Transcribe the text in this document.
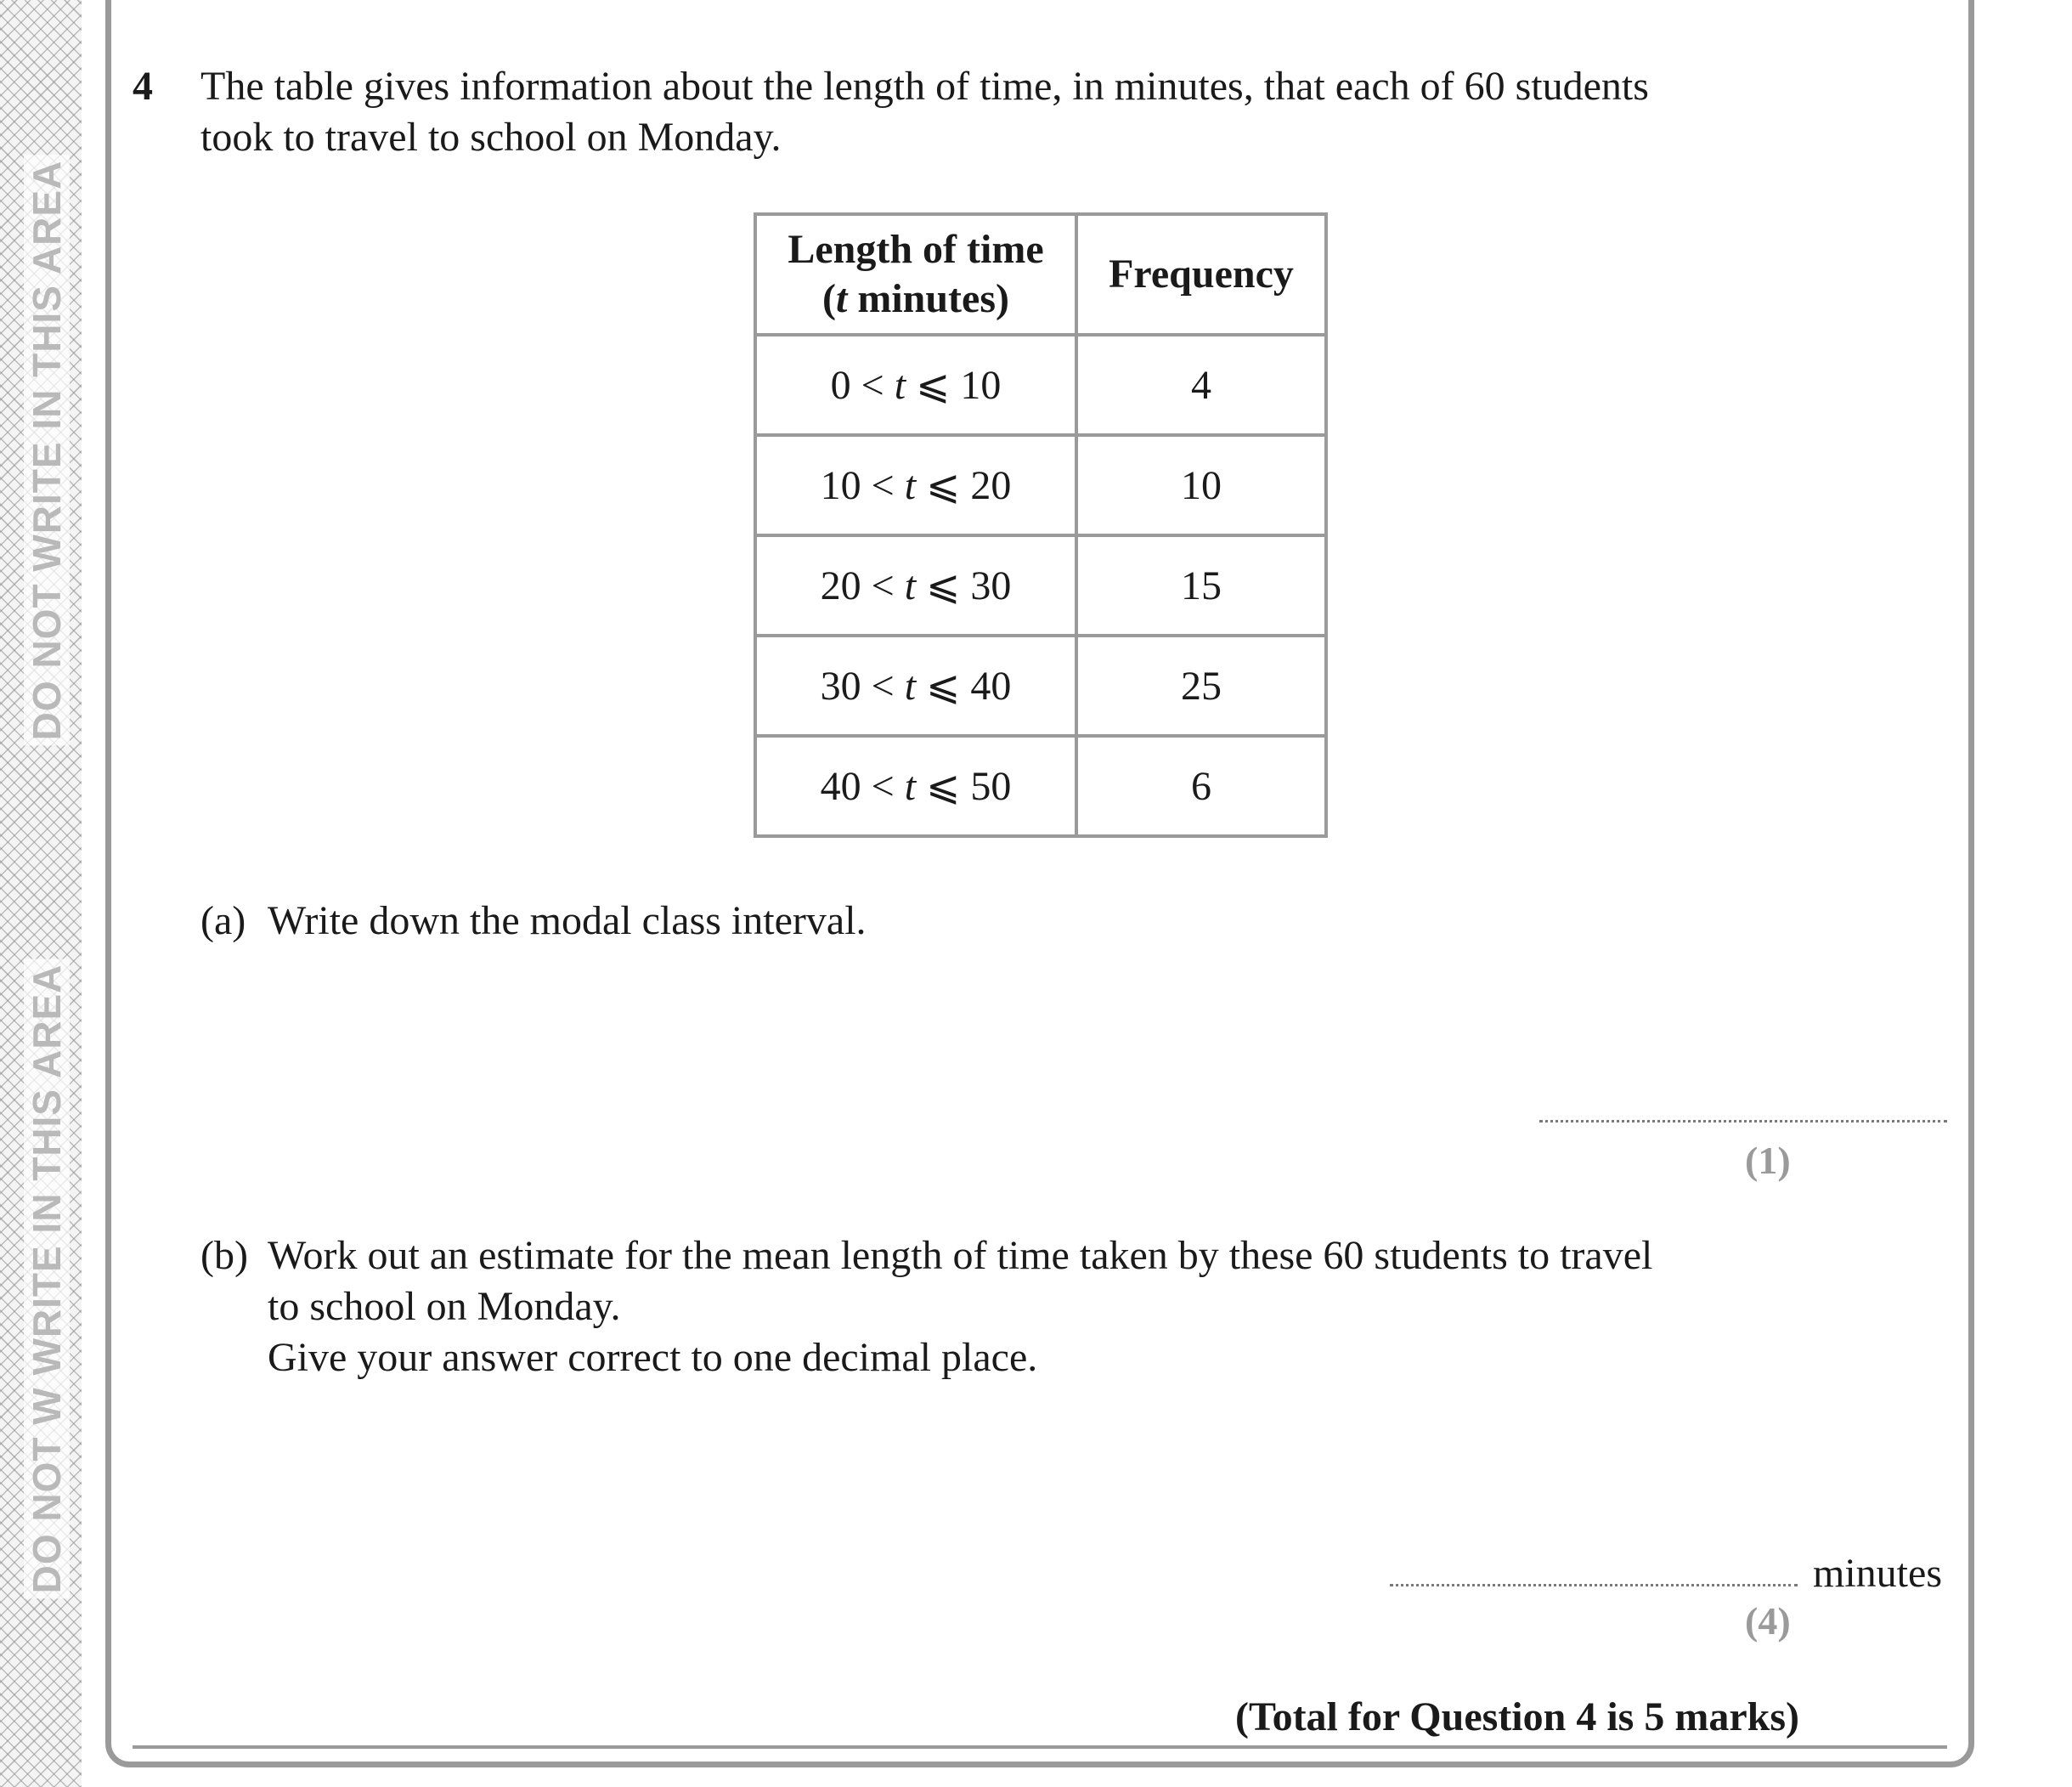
DO NOT WRITE IN THIS AREA
DO NOT W WRITE IN THIS AREA
4 The table gives information about the length of time, in minutes, that each of 60 students
took to travel to school on Monday.
Length of time
(t minutes)	Frequency
0 < t ⩽ 10	4
10 < t ⩽ 20	10
20 < t ⩽ 30	15
30 < t ⩽ 40	25
40 < t ⩽ 50	6
(a) Write down the modal class interval.
(1)
(b) Work out an estimate for the mean length of time taken by these 60 students to travel
to school on Monday.
Give your answer correct to one decimal place.
minutes
(4)
(Total for Question 4 is 5 marks)
